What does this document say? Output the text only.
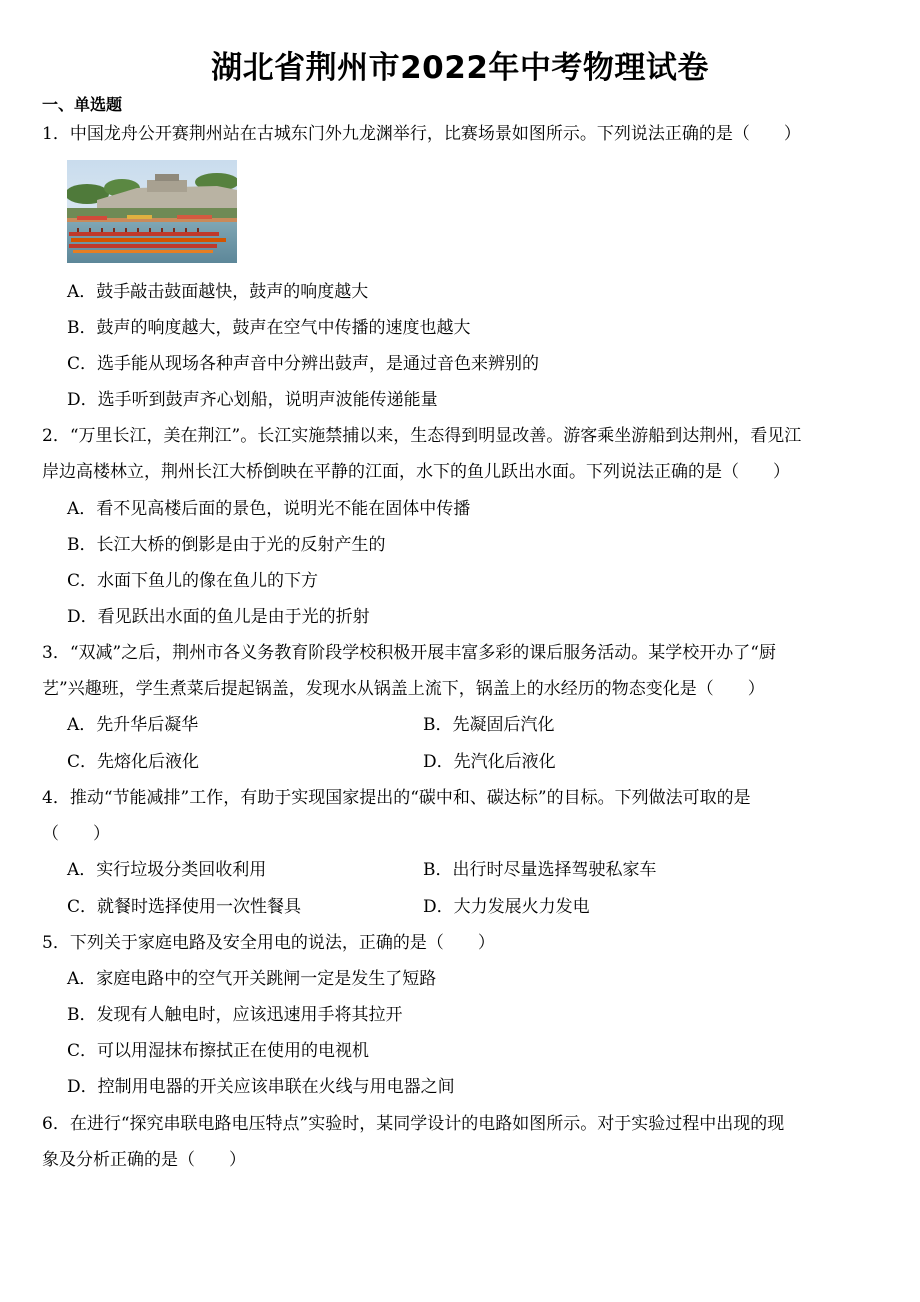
湖北省荆州市2022年中考物理试卷
一、单选题
1．中国龙舟公开赛荆州站在古城东门外九龙渊举行，比赛场景如图所示。下列说法正确的是（　　）
A．鼓手敲击鼓面越快，鼓声的响度越大
B．鼓声的响度越大，鼓声在空气中传播的速度也越大
C．选手能从现场各种声音中分辨出鼓声，是通过音色来辨别的
D．选手听到鼓声齐心划船，说明声波能传递能量
2．“万里长江，美在荆江”。长江实施禁捕以来，生态得到明显改善。游客乘坐游船到达荆州，看见江
岸边高楼林立，荆州长江大桥倒映在平静的江面，水下的鱼儿跃出水面。下列说法正确的是（　　）
A．看不见高楼后面的景色，说明光不能在固体中传播
B．长江大桥的倒影是由于光的反射产生的
C．水面下鱼儿的像在鱼儿的下方
D．看见跃出水面的鱼儿是由于光的折射
3．“双减”之后，荆州市各义务教育阶段学校积极开展丰富多彩的课后服务活动。某学校开办了“厨
艺”兴趣班，学生煮菜后提起锅盖，发现水从锅盖上流下，锅盖上的水经历的物态变化是（　　）
A．先升华后凝华	B．先凝固后汽化
C．先熔化后液化	D．先汽化后液化
4．推动“节能减排”工作，有助于实现国家提出的“碳中和、碳达标”的目标。下列做法可取的是
（　　）
A．实行垃圾分类回收利用	B．出行时尽量选择驾驶私家车
C．就餐时选择使用一次性餐具	D．大力发展火力发电
5．下列关于家庭电路及安全用电的说法，正确的是（　　）
A．家庭电路中的空气开关跳闸一定是发生了短路
B．发现有人触电时，应该迅速用手将其拉开
C．可以用湿抹布擦拭正在使用的电视机
D．控制用电器的开关应该串联在火线与用电器之间
6．在进行“探究串联电路电压特点”实验时，某同学设计的电路如图所示。对于实验过程中出现的现
象及分析正确的是（　　）
